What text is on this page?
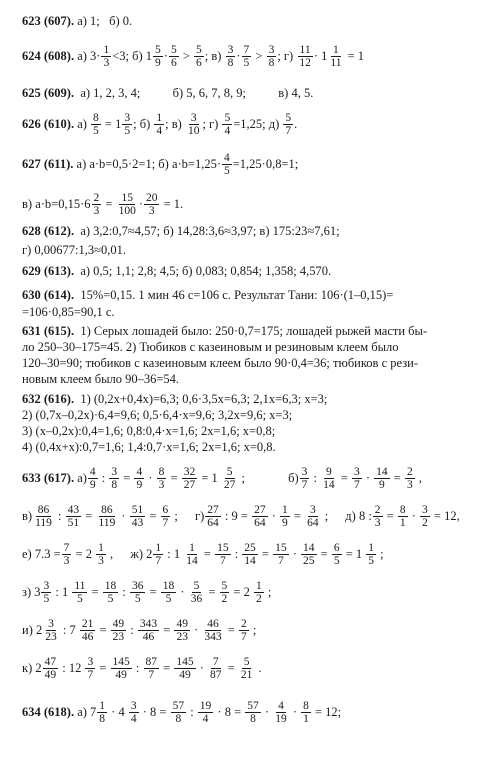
623 (607). а) 1; б) 0.
624 (608).
а)
3 · 1
3 <3;
б)
1 5
9 · 5
6
>
5
6 ;
в)
3
8 · 7
5
>
3
8 ;
г)
11
$12 \cdot 1 \frac{1}{11}$
= 1
625 (609). а) 1, 2, 3, 4;	б) 5, 6, 7, 8, 9;	в) 4, 5.
626 (610).
а)
$\frac{8}{5}$
= 1 3
5 ;
б)
1
4 ;
в)
3
10 ;
г)
$\frac{5}{4} =1,25$;
д)
5
7 .
627 (611).
а) a·b=0,5·2=1; б) $a\cdot b=1,25\cdot \frac{4}{5} =1,25\cdot 0,8=1$;
в) $a\cdot b=0,15\cdot 6 \frac{2}{3}$
=
$\frac{15}{100} \cdot \frac{20}{3}$
= 1.
628 (612). а) 3,2:0,7≈4,57; б) 14,28:3,6≈3,97; в) 175:23≈7,61;
г) 0,00677:1,3≈0,01.
629 (613). а) 0,5; 1,1; 2,8; 4,5; б) 0,083; 0,854; 1,358; 4,570.
630 (614). 15%=0,15. 1 мин 46 с=106 с. Результат Тани: 106·(1–0,15)=
=106·0,85=90,1 с.
631 (615). 1) Серых лошадей было: 250·0,7=175; лошадей рыжей масти бы-
ло 250–30–175=45. 2) Тюбиков с казеиновым и резиновым клеем было
120–30=90; тюбиков с казеиновым клеем было 90·0,4=36; тюбиков с рези-
новым клеем было 90–36=54.
632 (616). 1) (0,2x+0,4x)=6,3; 0,6·3,5x=6,3; 2,1x=6,3; x=3;
2) (0,7x–0,2x)·6,4=9,6; 0,5·6,4·x=9,6; 3,2x=9,6; x=3;
3) (x–0,2x):0,4=1,6; 0,8:0,4·x=1,6; 2x=1,6; x=0,8;
4) (0,4x+x):0,7=1,6; 1,4:0,7·x=1,6; 2x=1,6; x=0,8.
633 (617).
а) 4
9 : $\frac{3}{8} = \frac{4}{9} \cdot \frac{8}{3} = \frac{32}{27} = 1$ 5
27 ;	б) 3
7 : $\frac{9}{14} = \frac{3}{7} \cdot \frac{14}{9} = \frac{2}{3}$ ,
в) 86
119 : $\frac{43}{51} = \frac{86}{119} \cdot \frac{51}{43} = \frac{6}{7}$ ; г) 27
64 : $9 = \frac{27}{64} \cdot \frac{1}{9} = \frac{3}{64}$ ; д) 8 : $\frac{2}{3} = \frac{8}{1} \cdot \frac{3}{2} = 12$,
е) $7.3 = \frac{7}{3} = 2$ 1
3 , ж) 2 1
7 : $1 \frac{1}{14} = \frac{15}{7}$ : $\frac{25}{14} = \frac{15}{7} \cdot \frac{14}{25} = \frac{6}{5} = 1$ 1
5 ;
з) 3 3
5 : $1 \frac{11}{5} = \frac{18}{5}$ : $\frac{36}{5} = \frac{18}{5} \cdot \frac{5}{36} = \frac{5}{2} = 2$ 1
2 ;
и) 2 3
23 : $7 \frac{21}{46} = \frac{49}{23}$ : $\frac{343}{46} = \frac{49}{23} \cdot \frac{46}{343} = \frac{2}{7}$ ;
к) 2 47
49 : $12 \frac{3}{7} = \frac{145}{49}$ : $\frac{87}{7} = \frac{145}{49} \cdot \frac{7}{87} = \frac{5}{21}$ .
634 (618).
а) 7 1
8 · 4 3
$4 \cdot 8 = \frac{57}{8}$ : 19
$4 \cdot 8 = \frac{57}{8} \cdot 4$
$19 \cdot \frac{8}{1} = 12$;
